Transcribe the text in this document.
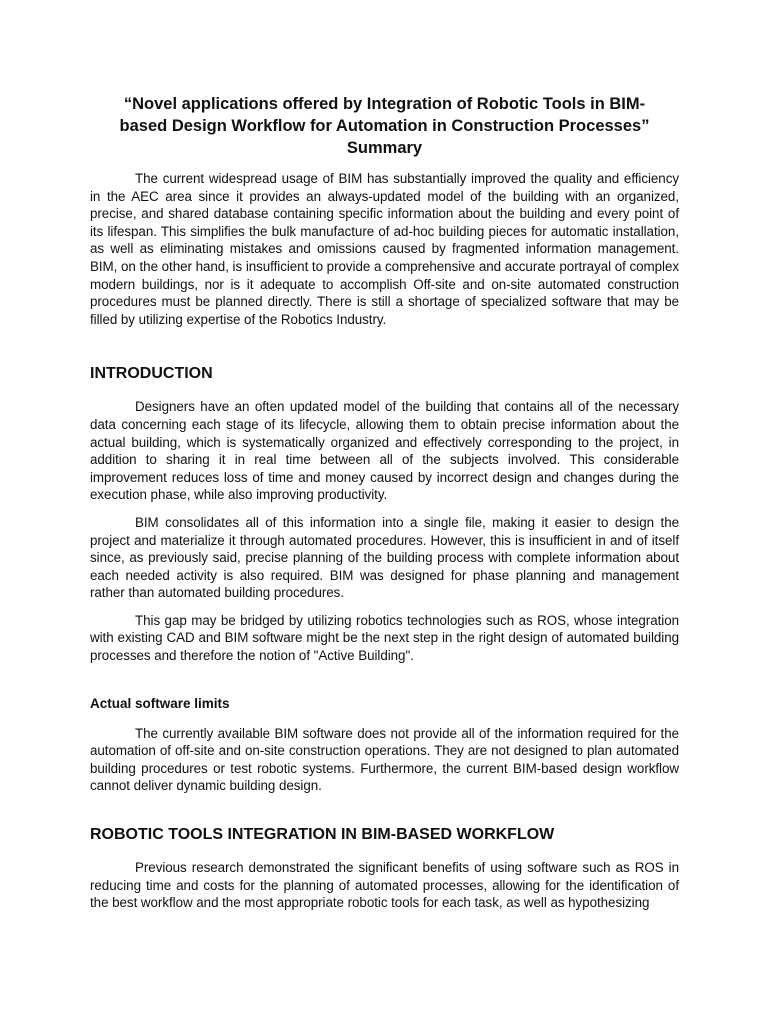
“Novel applications offered by Integration of Robotic Tools in BIM-
based Design Workflow for Automation in Construction Processes”
Summary

The current widespread usage of BIM has substantially improved the quality and efficiency in the AEC area since it provides an always-updated model of the building with an organized, precise, and shared database containing specific information about the building and every point of its lifespan. This simplifies the bulk manufacture of ad-hoc building pieces for automatic installation, as well as eliminating mistakes and omissions caused by fragmented information management. BIM, on the other hand, is insufficient to provide a comprehensive and accurate portrayal of complex modern buildings, nor is it adequate to accomplish Off-site and on-site automated construction procedures must be planned directly. There is still a shortage of specialized software that may be filled by utilizing expertise of the Robotics Industry.

INTRODUCTION

Designers have an often updated model of the building that contains all of the necessary data concerning each stage of its lifecycle, allowing them to obtain precise information about the actual building, which is systematically organized and effectively corresponding to the project, in addition to sharing it in real time between all of the subjects involved. This considerable improvement reduces loss of time and money caused by incorrect design and changes during the execution phase, while also improving productivity.

BIM consolidates all of this information into a single file, making it easier to design the project and materialize it through automated procedures. However, this is insufficient in and of itself since, as previously said, precise planning of the building process with complete information about each needed activity is also required. BIM was designed for phase planning and management rather than automated building procedures.

This gap may be bridged by utilizing robotics technologies such as ROS, whose integration with existing CAD and BIM software might be the next step in the right design of automated building processes and therefore the notion of "Active Building".

Actual software limits

The currently available BIM software does not provide all of the information required for the automation of off-site and on-site construction operations. They are not designed to plan automated building procedures or test robotic systems. Furthermore, the current BIM-based design workflow cannot deliver dynamic building design.

ROBOTIC TOOLS INTEGRATION IN BIM-BASED WORKFLOW

Previous research demonstrated the significant benefits of using software such as ROS in reducing time and costs for the planning of automated processes, allowing for the identification of the best workflow and the most appropriate robotic tools for each task, as well as hypothesizing
